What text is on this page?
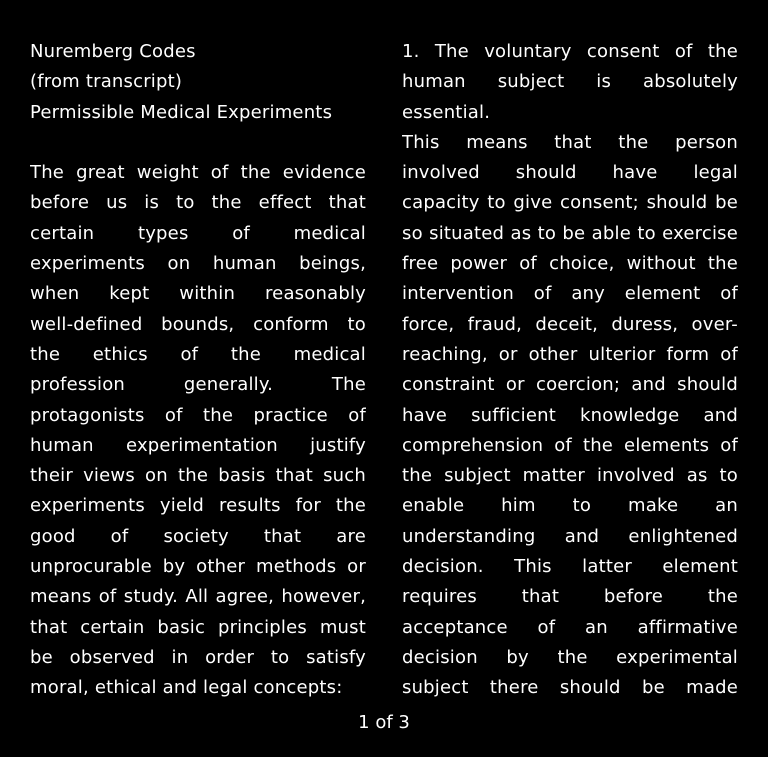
Nuremberg Codes
(from transcript)
Permissible Medical Experiments
The great weight of the evidence
before us is to the effect that
certain types of medical
experiments on human beings,
when kept within reasonably
well-defined bounds, conform to
the ethics of the medical
profession generally. The
protagonists of the practice of
human experimentation justify
their views on the basis that such
experiments yield results for the
good of society that are
unprocurable by other methods or
means of study. All agree, however,
that certain basic principles must
be observed in order to satisfy
moral, ethical and legal concepts:
1. The voluntary consent of the
human subject is absolutely
essential.
This means that the person
involved should have legal
capacity to give consent; should be
so situated as to be able to exercise
free power of choice, without the
intervention of any element of
force, fraud, deceit, duress, over-
reaching, or other ulterior form of
constraint or coercion; and should
have sufficient knowledge and
comprehension of the elements of
the subject matter involved as to
enable him to make an
understanding and enlightened
decision. This latter element
requires that before the
acceptance of an affirmative
decision by the experimental
subject there should be made
1 of 3
